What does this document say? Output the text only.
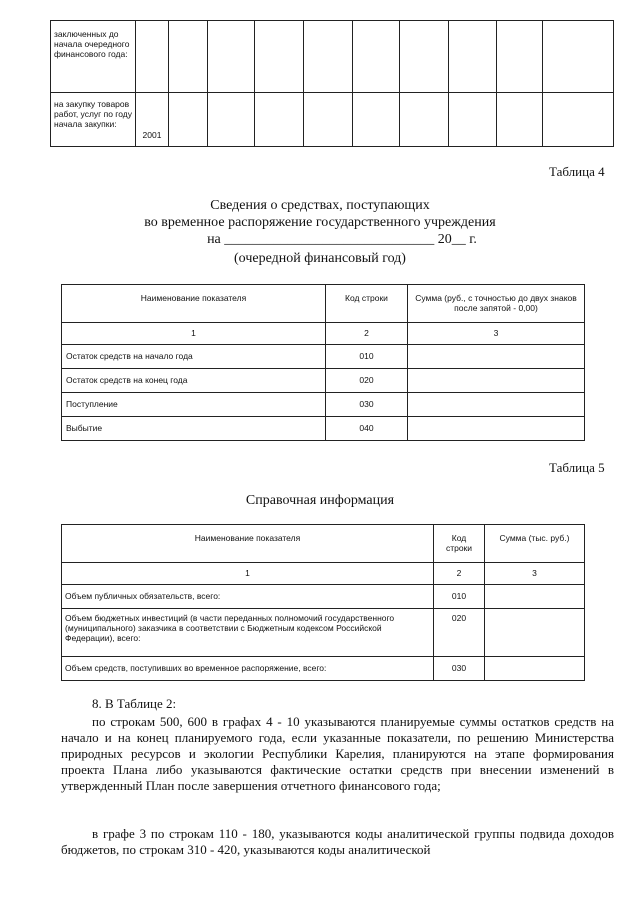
заключенных до начала очередного финансового года:										
на закупку товаров работ, услуг по году начала закупки:	2001									
Таблица 4
Сведения о средствах, поступающих
во временное распоряжение государственного учреждения
на ______________________________ 20__ г.
(очередной финансовый год)
Наименование показателя	Код строки	Сумма (руб., с точностью до двух знаков после запятой - 0,00)
1	2	3
Остаток средств на начало года	010	
Остаток средств на конец года	020	
Поступление	030	
Выбытие	040	
Таблица 5
Справочная информация
Наименование показателя	Код строки	Сумма (тыс. руб.)
1	2	3
Объем публичных обязательств, всего:	010	
Объем бюджетных инвестиций (в части переданных полномочий государственного (муниципального) заказчика в соответствии с Бюджетным кодексом Российской Федерации), всего:	020	
Объем средств, поступивших во временное распоряжение, всего:	030	
8. В Таблице 2:
по строкам 500, 600 в графах 4 - 10 указываются планируемые суммы остатков средств на начало и на конец планируемого года, если указанные показатели, по решению Министерства природных ресурсов и экологии Республики Карелия, планируются на этапе формирования проекта Плана либо указываются фактические остатки средств при внесении изменений в утвержденный План после завершения отчетного финансового года;
в графе 3 по строкам 110 - 180, указываются коды аналитической группы подвида доходов бюджетов, по строкам 310 - 420, указываются коды аналитической
